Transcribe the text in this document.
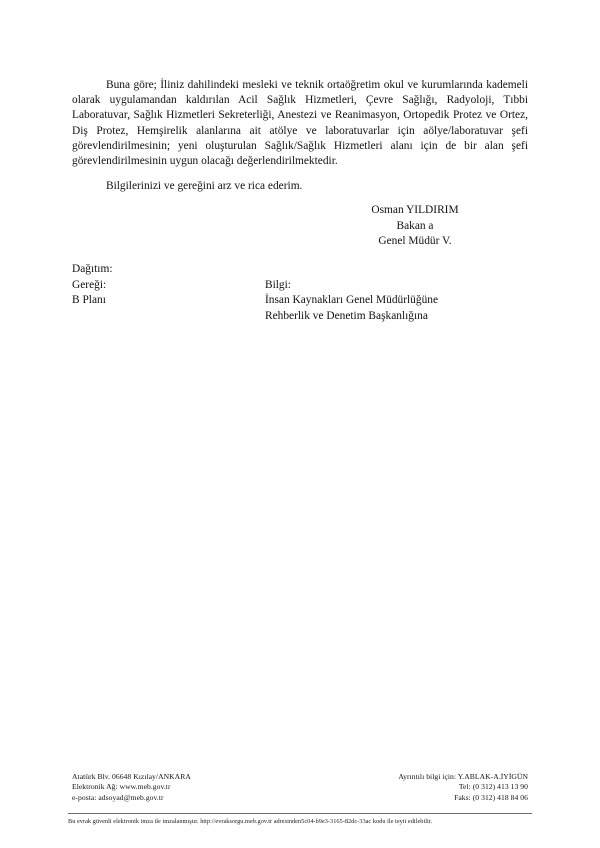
Buna göre; İliniz dahilindeki mesleki ve teknik ortaöğretim okul ve kurumlarında kademeli olarak uygulamandan kaldırılan Acil Sağlık Hizmetleri, Çevre Sağlığı, Radyoloji, Tıbbi Laboratuvar, Sağlık Hizmetleri Sekreterliği, Anestezi ve Reanimasyon, Ortopedik Protez ve Ortez, Diş Protez, Hemşirelik alanlarına ait atölye ve laboratuvarlar için aölye/laboratuvar şefi görevlendirilmesinin; yeni oluşturulan Sağlık/Sağlık Hizmetleri alanı için de bir alan şefi görevlendirilmesinin uygun olacağı değerlendirilmektedir.

Bilgilerinizi ve gereğini arz ve rica ederim.

Osman YILDIRIM
Bakan a
Genel Müdür V.
Dağıtım:
Gereği:
B Planı
Bilgi:
İnsan Kaynakları Genel Müdürlüğüne
Rehberlik ve Denetim Başkanlığına
Atatürk Blv. 06648 Kızılay/ANKARA
Elektronik Ağ: www.meb.gov.tr
e-posta: adsoyad@meb.gov.tr
Ayrıntılı bilgi için: Y.ABLAK-A.İYİGÜN
Tel: (0 312) 413 13 90
Faks: (0 312) 418 84 06
Bu evrak güvenli elektronik imza ile imzalanmıştır. http://evraksorgu.meb.gov.tr adresinden5c04-b9e3-3165-82dc-33ac kodu ile teyit edilebilir.
